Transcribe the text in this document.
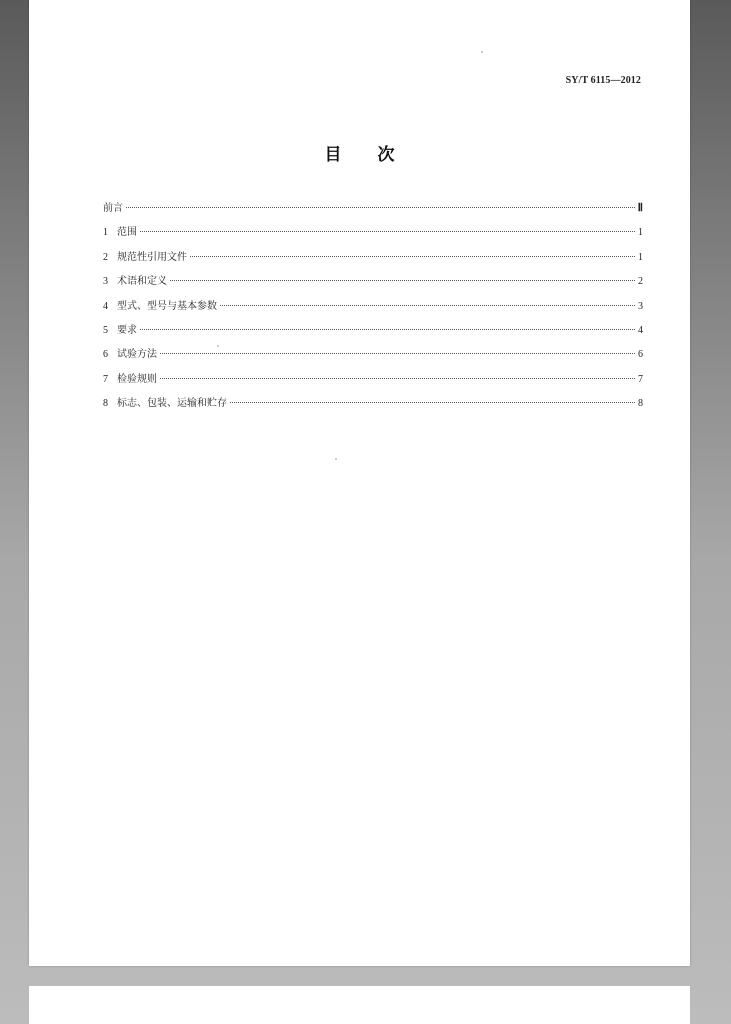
SY/T 6115—2012
目 次
前言	Ⅱ
1 范围	1
2 规范性引用文件	1
3 术语和定义	2
4 型式、型号与基本参数	3
5 要求	4
6 试验方法	6
7 检验规则	7
8 标志、包装、运输和贮存	8
